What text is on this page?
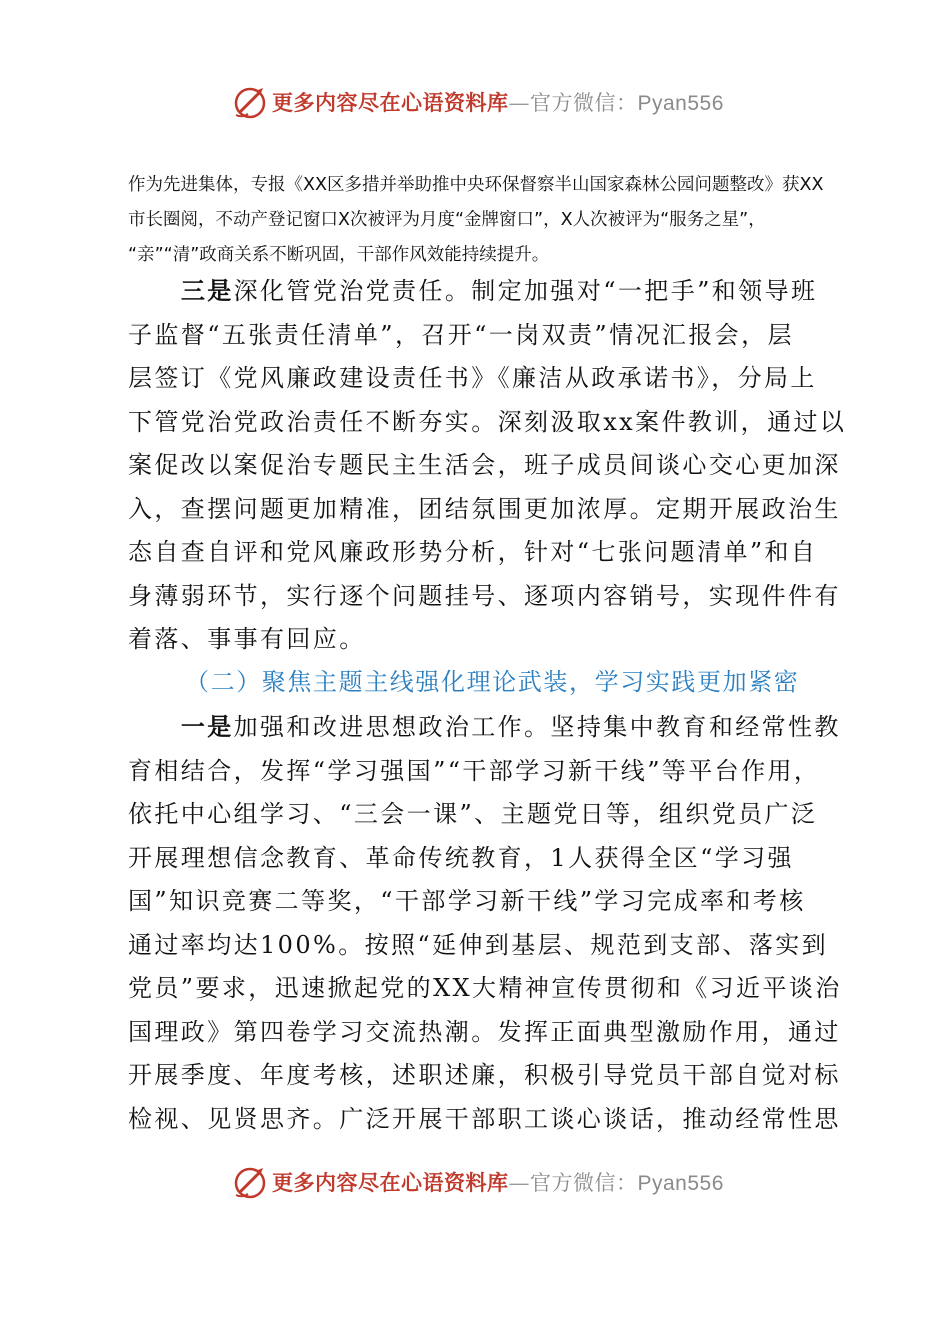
更多内容尽在心语资料库—官方微信：Pyan556
作为先进集体，专报《XX区多措并举助推中央环保督察半山国家森林公园问题整改》获XX
市长圈阅，不动产登记窗口X次被评为月度“金牌窗口”，X人次被评为“服务之星”，
“亲”“清”政商关系不断巩固，干部作风效能持续提升。
　　三是深化管党治党责任。制定加强对“一把手”和领导班
子监督“五张责任清单”，召开“一岗双责”情况汇报会，层
层签订《党风廉政建设责任书》《廉洁从政承诺书》，分局上
下管党治党政治责任不断夯实。深刻汲取xx案件教训，通过以
案促改以案促治专题民主生活会，班子成员间谈心交心更加深
入，查摆问题更加精准，团结氛围更加浓厚。定期开展政治生
态自查自评和党风廉政形势分析，针对“七张问题清单”和自
身薄弱环节，实行逐个问题挂号、逐项内容销号，实现件件有
着落、事事有回应。
（二）聚焦主题主线强化理论武装，学习实践更加紧密
　　一是加强和改进思想政治工作。坚持集中教育和经常性教
育相结合，发挥“学习强国”“干部学习新干线”等平台作用，
依托中心组学习、“三会一课”、主题党日等，组织党员广泛
开展理想信念教育、革命传统教育，1人获得全区“学习强
国”知识竞赛二等奖，“干部学习新干线”学习完成率和考核
通过率均达100%。按照“延伸到基层、规范到支部、落实到
党员”要求，迅速掀起党的XX大精神宣传贯彻和《习近平谈治
国理政》第四卷学习交流热潮。发挥正面典型激励作用，通过
开展季度、年度考核，述职述廉，积极引导党员干部自觉对标
检视、见贤思齐。广泛开展干部职工谈心谈话，推动经常性思
更多内容尽在心语资料库—官方微信：Pyan556
